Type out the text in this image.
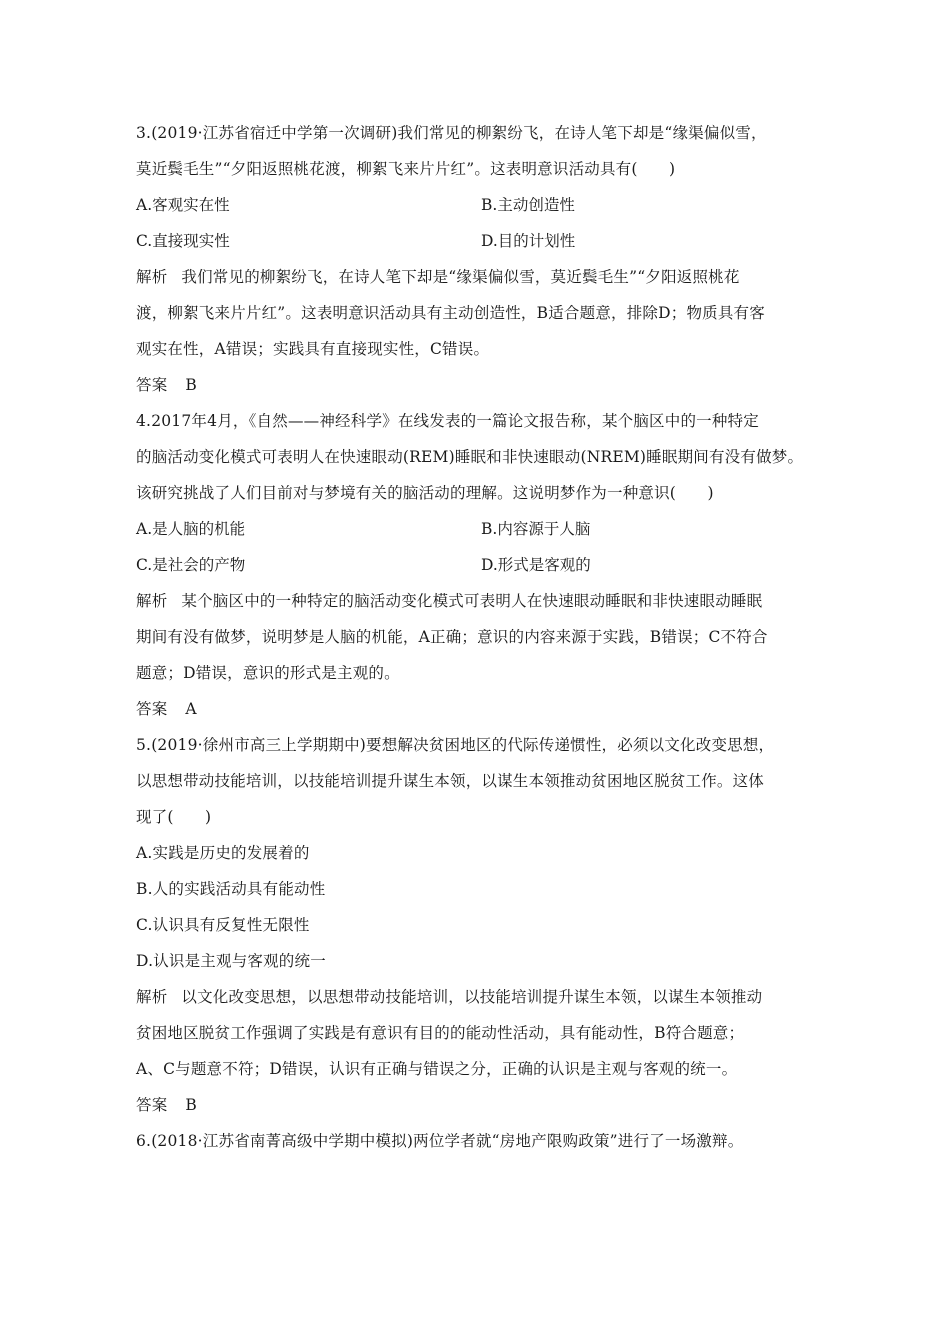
3.(2019·江苏省宿迁中学第一次调研)我们常见的柳絮纷飞，在诗人笔下却是“缘渠偏似雪，
莫近鬓毛生”“夕阳返照桃花渡，柳絮飞来片片红”。这表明意识活动具有(　　)
A.客观实在性	B.主动创造性
C.直接现实性	D.目的计划性
解析 我们常见的柳絮纷飞，在诗人笔下却是“缘渠偏似雪，莫近鬓毛生”“夕阳返照桃花
渡，柳絮飞来片片红”。这表明意识活动具有主动创造性，B适合题意，排除D；物质具有客
观实在性，A错误；实践具有直接现实性，C错误。
答案 B
4.2017年4月，《自然——神经科学》在线发表的一篇论文报告称，某个脑区中的一种特定
的脑活动变化模式可表明人在快速眼动(REM)睡眠和非快速眼动(NREM)睡眠期间有没有做梦。
该研究挑战了人们目前对与梦境有关的脑活动的理解。这说明梦作为一种意识(　　)
A.是人脑的机能	B.内容源于人脑
C.是社会的产物	D.形式是客观的
解析 某个脑区中的一种特定的脑活动变化模式可表明人在快速眼动睡眠和非快速眼动睡眠
期间有没有做梦，说明梦是人脑的机能，A正确；意识的内容来源于实践，B错误；C不符合
题意；D错误，意识的形式是主观的。
答案 A
5.(2019·徐州市高三上学期期中)要想解决贫困地区的代际传递惯性，必须以文化改变思想，
以思想带动技能培训，以技能培训提升谋生本领，以谋生本领推动贫困地区脱贫工作。这体
现了(　　)
A.实践是历史的发展着的
B.人的实践活动具有能动性
C.认识具有反复性无限性
D.认识是主观与客观的统一
解析 以文化改变思想，以思想带动技能培训，以技能培训提升谋生本领，以谋生本领推动
贫困地区脱贫工作强调了实践是有意识有目的的能动性活动，具有能动性，B符合题意；
A、C与题意不符；D错误，认识有正确与错误之分，正确的认识是主观与客观的统一。
答案 B
6.(2018·江苏省南菁高级中学期中模拟)两位学者就“房地产限购政策”进行了一场激辩。
